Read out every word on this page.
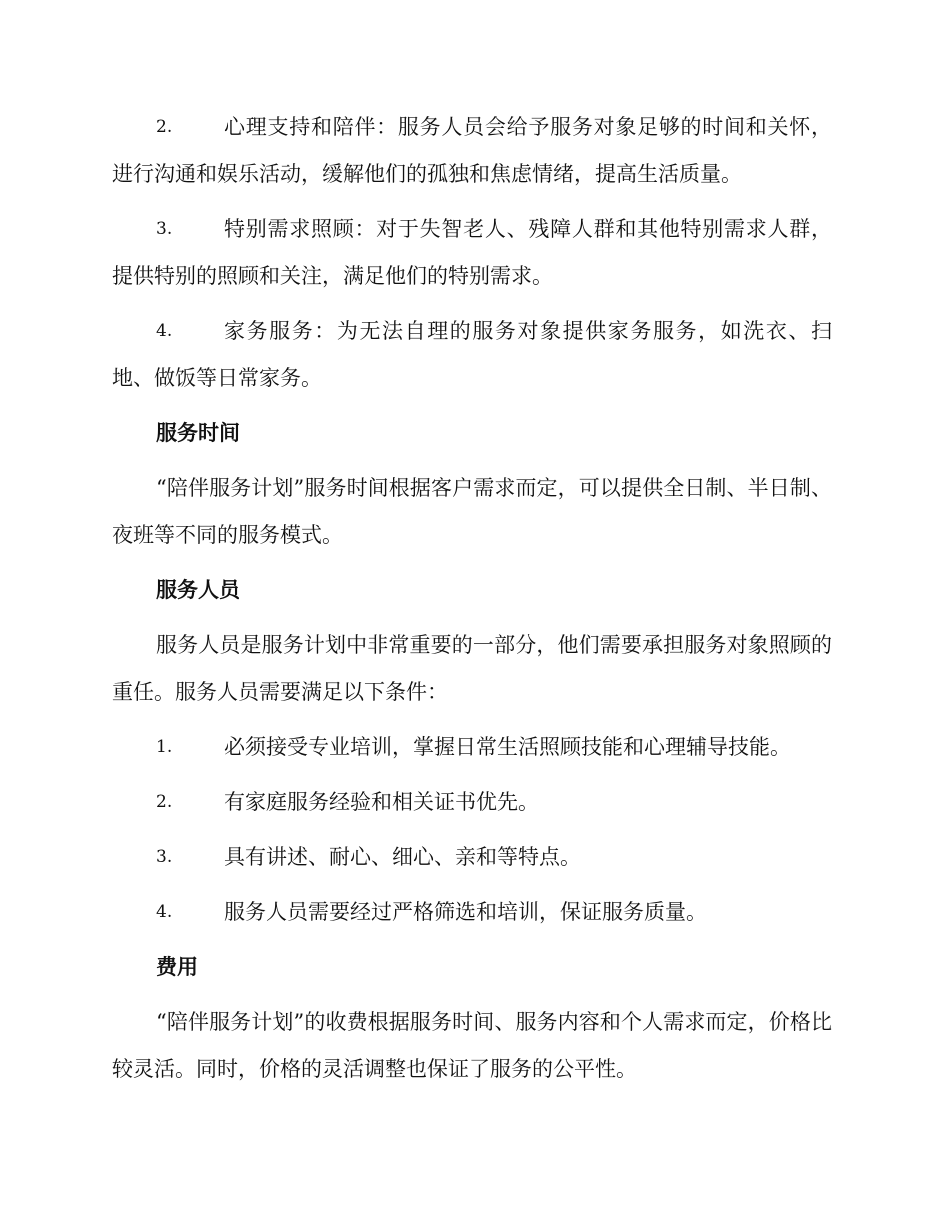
2.	心理支持和陪伴：服务人员会给予服务对象足够的时间和关怀，进行沟通和娱乐活动，缓解他们的孤独和焦虑情绪，提高生活质量。
3.	特别需求照顾：对于失智老人、残障人群和其他特别需求人群，提供特别的照顾和关注，满足他们的特别需求。
4.	家务服务：为无法自理的服务对象提供家务服务，如洗衣、扫地、做饭等日常家务。
服务时间
“陪伴服务计划”服务时间根据客户需求而定，可以提供全日制、半日制、夜班等不同的服务模式。
服务人员
服务人员是服务计划中非常重要的一部分，他们需要承担服务对象照顾的重任。服务人员需要满足以下条件：
1.	必须接受专业培训，掌握日常生活照顾技能和心理辅导技能。
2.	有家庭服务经验和相关证书优先。
3.	具有讲述、耐心、细心、亲和等特点。
4.	服务人员需要经过严格筛选和培训，保证服务质量。
费用
“陪伴服务计划”的收费根据服务时间、服务内容和个人需求而定，价格比较灵活。同时，价格的灵活调整也保证了服务的公平性。
